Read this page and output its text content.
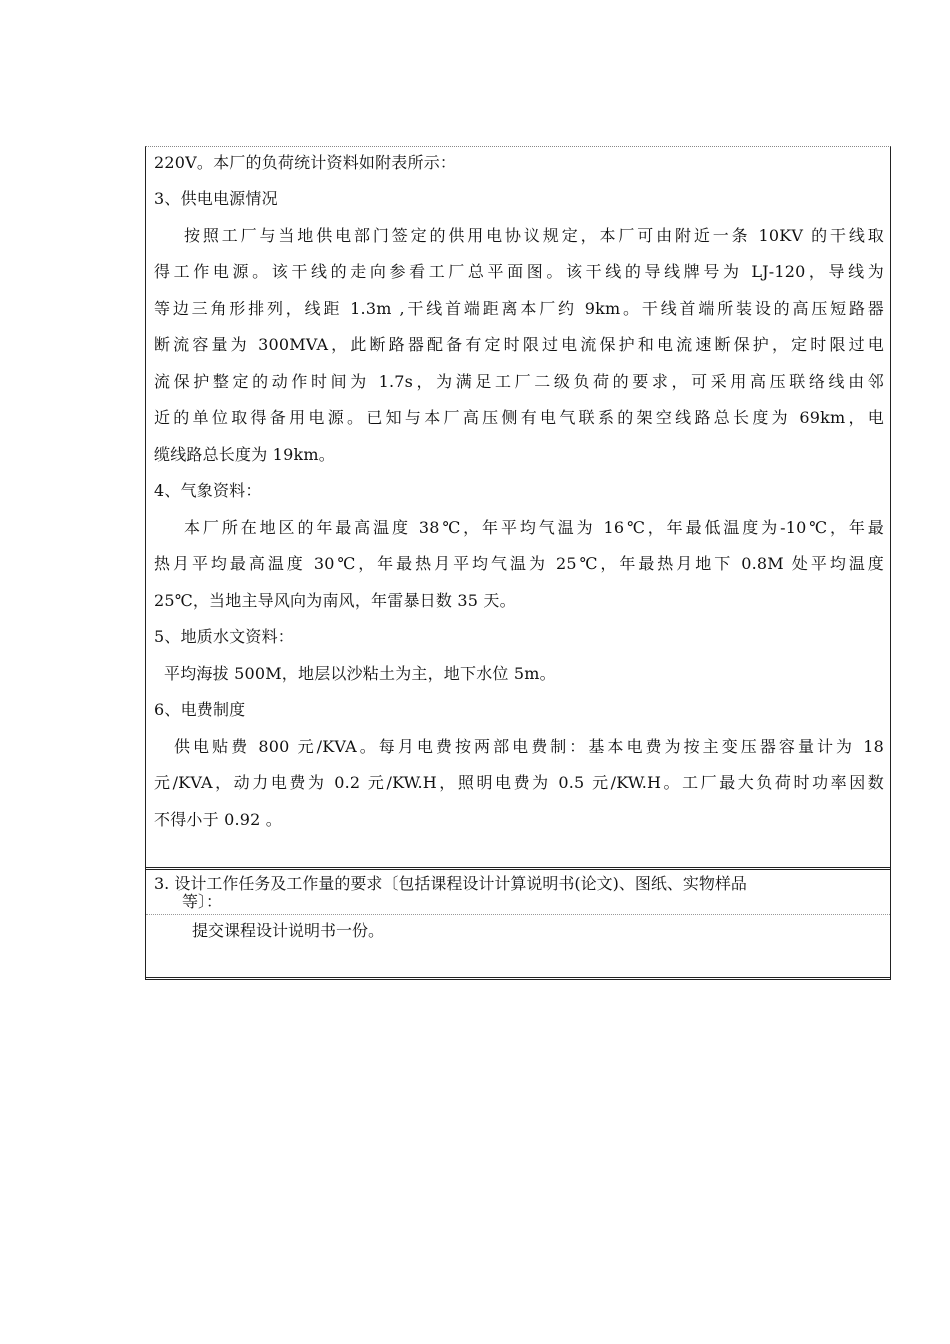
220V。本厂的负荷统计资料如附表所示：
3、供电电源情况
按照工厂与当地供电部门签定的供用电协议规定，本厂可由附近一条 10KV 的干线取
得工作电源。该干线的走向参看工厂总平面图。该干线的导线牌号为 LJ-120，导线为
等边三角形排列，线距 1.3m ,干线首端距离本厂约 9km。干线首端所装设的高压短路器
断流容量为 300MVA，此断路器配备有定时限过电流保护和电流速断保护，定时限过电
流保护整定的动作时间为 1.7s，为满足工厂二级负荷的要求，可采用高压联络线由邻
近的单位取得备用电源。已知与本厂高压侧有电气联系的架空线路总长度为 69km，电
缆线路总长度为 19km。
4、气象资料：
本厂所在地区的年最高温度 38℃，年平均气温为 16℃，年最低温度为-10℃，年最
热月平均最高温度 30℃，年最热月平均气温为 25℃，年最热月地下 0.8M 处平均温度
25℃，当地主导风向为南风，年雷暴日数 35 天。
5、地质水文资料：
平均海拔 500M，地层以沙粘土为主，地下水位 5m。
6、电费制度
供电贴费 800 元/KVA。每月电费按两部电费制：基本电费为按主变压器容量计为 18
元/KVA，动力电费为 0.2 元/KW.H，照明电费为 0.5 元/KW.H。工厂最大负荷时功率因数
不得小于 0.92 。
3. 设计工作任务及工作量的要求〔包括课程设计计算说明书(论文)、图纸、实物样品
等〕：
提交课程设计说明书一份。
